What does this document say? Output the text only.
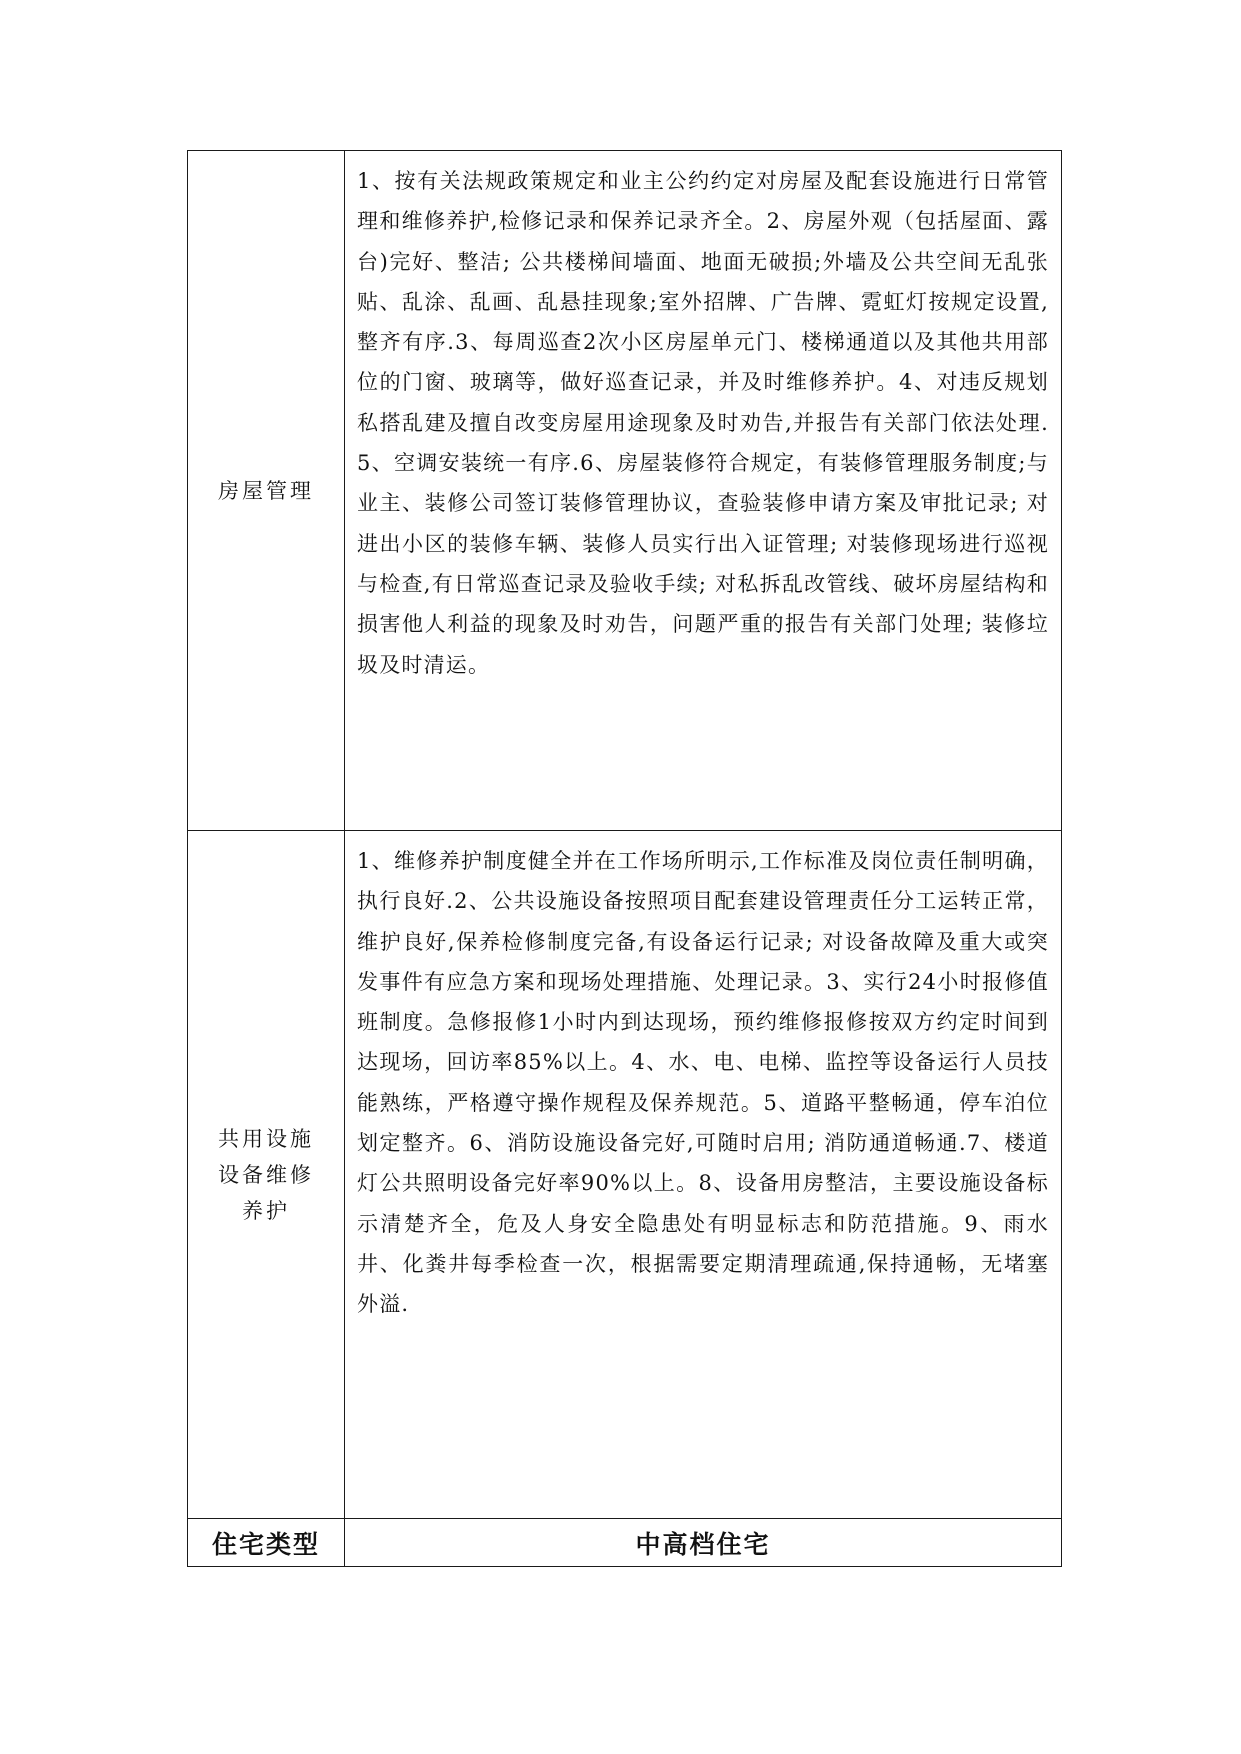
房屋管理	1、按有关法规政策规定和业主公约约定对房屋及配套设施进行日常管理和维修养护,检修记录和保养记录齐全。2、房屋外观（包括屋面、露台)完好、整洁; 公共楼梯间墙面、地面无破损;外墙及公共空间无乱张贴、乱涂、乱画、乱悬挂现象;室外招牌、广告牌、霓虹灯按规定设置,整齐有序.3、每周巡查2次小区房屋单元门、楼梯通道以及其他共用部位的门窗、玻璃等，做好巡查记录，并及时维修养护。4、对违反规划私搭乱建及擅自改变房屋用途现象及时劝告,并报告有关部门依法处理.5、空调安装统一有序.6、房屋装修符合规定，有装修管理服务制度;与业主、装修公司签订装修管理协议，查验装修申请方案及审批记录; 对进出小区的装修车辆、装修人员实行出入证管理; 对装修现场进行巡视与检查,有日常巡查记录及验收手续; 对私拆乱改管线、破坏房屋结构和损害他人利益的现象及时劝告，问题严重的报告有关部门处理; 装修垃圾及时清运。

共用设施设备维修养护	1、维修养护制度健全并在工作场所明示,工作标准及岗位责任制明确，执行良好.2、公共设施设备按照项目配套建设管理责任分工运转正常，维护良好,保养检修制度完备,有设备运行记录; 对设备故障及重大或突发事件有应急方案和现场处理措施、处理记录。3、实行24小时报修值班制度。急修报修1小时内到达现场，预约维修报修按双方约定时间到达现场，回访率85%以上。4、水、电、电梯、监控等设备运行人员技能熟练，严格遵守操作规程及保养规范。5、道路平整畅通，停车泊位划定整齐。6、消防设施设备完好,可随时启用; 消防通道畅通.7、楼道灯公共照明设备完好率90%以上。8、设备用房整洁，主要设施设备标示清楚齐全，危及人身安全隐患处有明显标志和防范措施。9、雨水井、化粪井每季检查一次，根据需要定期清理疏通,保持通畅，无堵塞外溢.

住宅类型	中高档住宅
